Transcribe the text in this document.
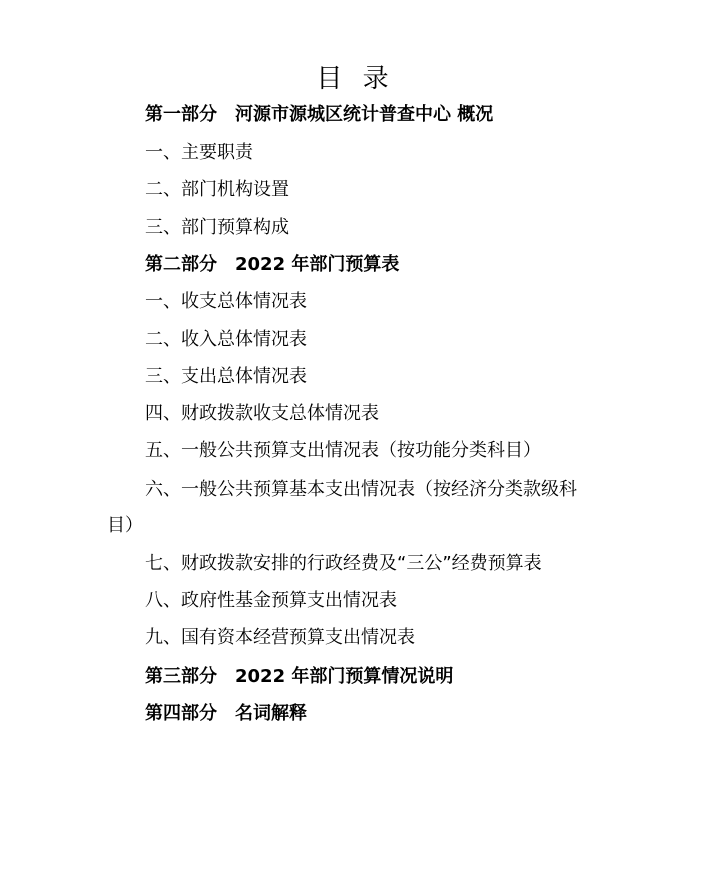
目 录
第一部分　河源市源城区统计普查中心 概况
一、主要职责
二、部门机构设置
三、部门预算构成
第二部分　2022 年部门预算表
一、收支总体情况表
二、收入总体情况表
三、支出总体情况表
四、财政拨款收支总体情况表
五、一般公共预算支出情况表（按功能分类科目）
六、一般公共预算基本支出情况表（按经济分类款级科
目）
七、财政拨款安排的行政经费及“三公”经费预算表
八、政府性基金预算支出情况表
九、国有资本经营预算支出情况表
第三部分　2022 年部门预算情况说明
第四部分　名词解释
